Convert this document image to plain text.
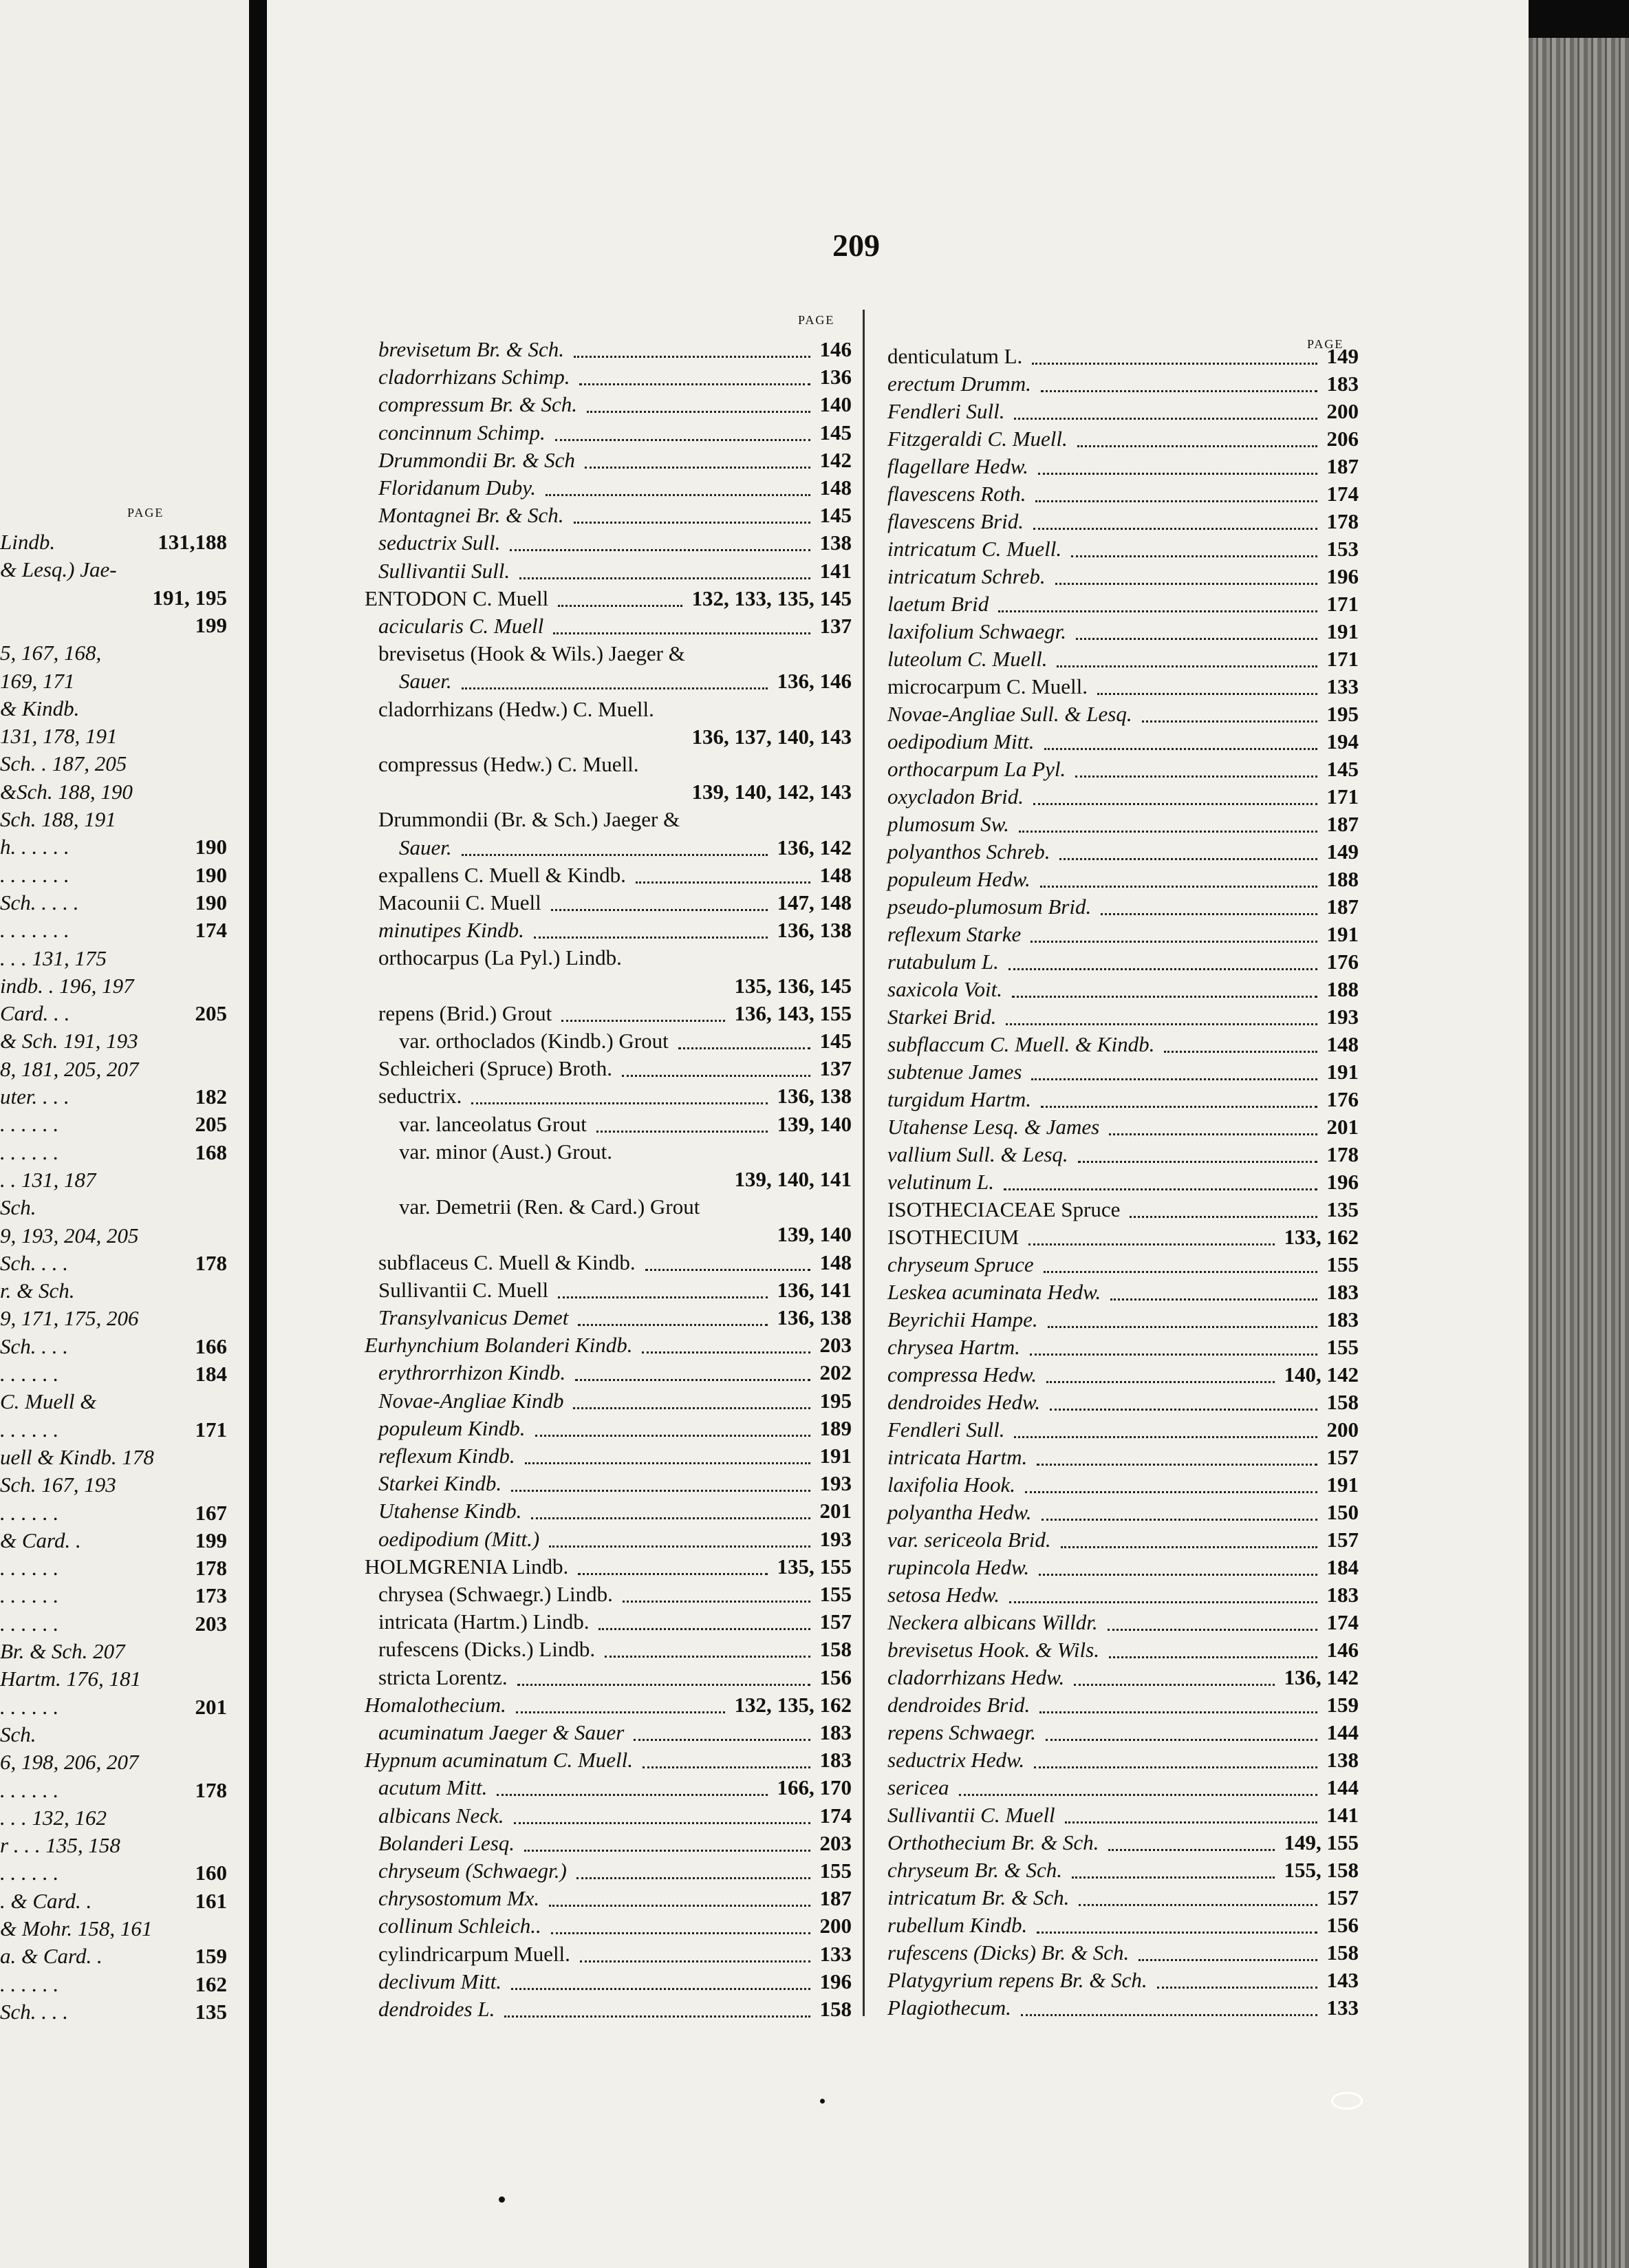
209
PAGE
PAGE
PAGE
Lindb.	131,188
& Lesq.) Jae-
191, 195
199
5, 167, 168,
169, 171
& Kindb.
131, 178, 191
Sch. . 187, 205
&Sch. 188, 190
Sch. 188, 191
h. . . . . .	190
. . . . . . .	190
Sch. . . . .	190
. . . . . . .	174
. . . 131, 175
indb. . 196, 197
Card. . .	205
& Sch. 191, 193
8, 181, 205, 207
uter. . . .	182
. . . . . .	205
. . . . . .	168
. . 131, 187
Sch.
9, 193, 204, 205
Sch. . . .	178
r. & Sch.
9, 171, 175, 206
Sch. . . .	166
. . . . . .	184
C. Muell &
. . . . . .	171
uell & Kindb. 178
Sch. 167, 193
. . . . . .	167
& Card. .	199
. . . . . .	178
. . . . . .	173
. . . . . .	203
Br. & Sch. 207
Hartm. 176, 181
. . . . . .	201
Sch.
6, 198, 206, 207
. . . . . .	178
. . . 132, 162
r . . . 135, 158
. . . . . .	160
. & Card. .	161
& Mohr. 158, 161
a. & Card. .	159
. . . . . .	162
Sch. . . .	135
brevisetum Br. & Sch.	146
cladorrhizans Schimp.	136
compressum Br. & Sch.	140
concinnum Schimp.	145
Drummondii Br. & Sch	142
Floridanum Duby.	148
Montagnei Br. & Sch.	145
seductrix Sull.	138
Sullivantii Sull.	141
ENTODON C. Muell	132, 133, 135, 145
acicularis C. Muell	137
brevisetus (Hook & Wils.) Jaeger &
Sauer.	136, 146
cladorrhizans (Hedw.) C. Muell.
136, 137, 140, 143
compressus (Hedw.) C. Muell.
139, 140, 142, 143
Drummondii (Br. & Sch.) Jaeger &
Sauer.	136, 142
expallens C. Muell & Kindb.	148
Macounii C. Muell	147, 148
minutipes Kindb.	136, 138
orthocarpus (La Pyl.) Lindb.
135, 136, 145
repens (Brid.) Grout	136, 143, 155
var. orthoclados (Kindb.) Grout	145
Schleicheri (Spruce) Broth.	137
seductrix.	136, 138
var. lanceolatus Grout	139, 140
var. minor (Aust.) Grout.
139, 140, 141
var. Demetrii (Ren. & Card.) Grout
139, 140
subflaceus C. Muell & Kindb.	148
Sullivantii C. Muell	136, 141
Transylvanicus Demet	136, 138
Eurhynchium Bolanderi Kindb.	203
erythrorrhizon Kindb.	202
Novae-Angliae Kindb	195
populeum Kindb.	189
reflexum Kindb.	191
Starkei Kindb.	193
Utahense Kindb.	201
oedipodium (Mitt.)	193
HOLMGRENIA Lindb.	135, 155
chrysea (Schwaegr.) Lindb.	155
intricata (Hartm.) Lindb.	157
rufescens (Dicks.) Lindb.	158
stricta Lorentz.	156
Homalothecium.	132, 135, 162
acuminatum Jaeger & Sauer	183
Hypnum acuminatum C. Muell.	183
acutum Mitt.	166, 170
albicans Neck.	174
Bolanderi Lesq.	203
chryseum (Schwaegr.)	155
chrysostomum Mx.	187
collinum Schleich..	200
cylindricarpum Muell.	133
declivum Mitt.	196
dendroides L.	158
denticulatum L.	149
erectum Drumm.	183
Fendleri Sull.	200
Fitzgeraldi C. Muell.	206
flagellare Hedw.	187
flavescens Roth.	174
flavescens Brid.	178
intricatum C. Muell.	153
intricatum Schreb.	196
laetum Brid	171
laxifolium Schwaegr.	191
luteolum C. Muell.	171
microcarpum C. Muell.	133
Novae-Angliae Sull. & Lesq.	195
oedipodium Mitt.	194
orthocarpum La Pyl.	145
oxycladon Brid.	171
plumosum Sw.	187
polyanthos Schreb.	149
populeum Hedw.	188
pseudo-plumosum Brid.	187
reflexum Starke	191
rutabulum L.	176
saxicola Voit.	188
Starkei Brid.	193
subflaccum C. Muell. & Kindb.	148
subtenue James	191
turgidum Hartm.	176
Utahense Lesq. & James	201
vallium Sull. & Lesq.	178
velutinum L.	196
ISOTHECIACEAE Spruce	135
ISOTHECIUM	133, 162
chryseum Spruce	155
Leskea acuminata Hedw.	183
Beyrichii Hampe.	183
chrysea Hartm.	155
compressa Hedw.	140, 142
dendroides Hedw.	158
Fendleri Sull.	200
intricata Hartm.	157
laxifolia Hook.	191
polyantha Hedw.	150
var. sericeola Brid.	157
rupincola Hedw.	184
setosa Hedw.	183
Neckera albicans Willdr.	174
brevisetus Hook. & Wils.	146
cladorrhizans Hedw.	136, 142
dendroides Brid.	159
repens Schwaegr.	144
seductrix Hedw.	138
sericea	144
Sullivantii C. Muell	141
Orthothecium Br. & Sch.	149, 155
chryseum Br. & Sch.	155, 158
intricatum Br. & Sch.	157
rubellum Kindb.	156
rufescens (Dicks) Br. & Sch.	158
Platygyrium repens Br. & Sch.	143
Plagiothecum.	133
